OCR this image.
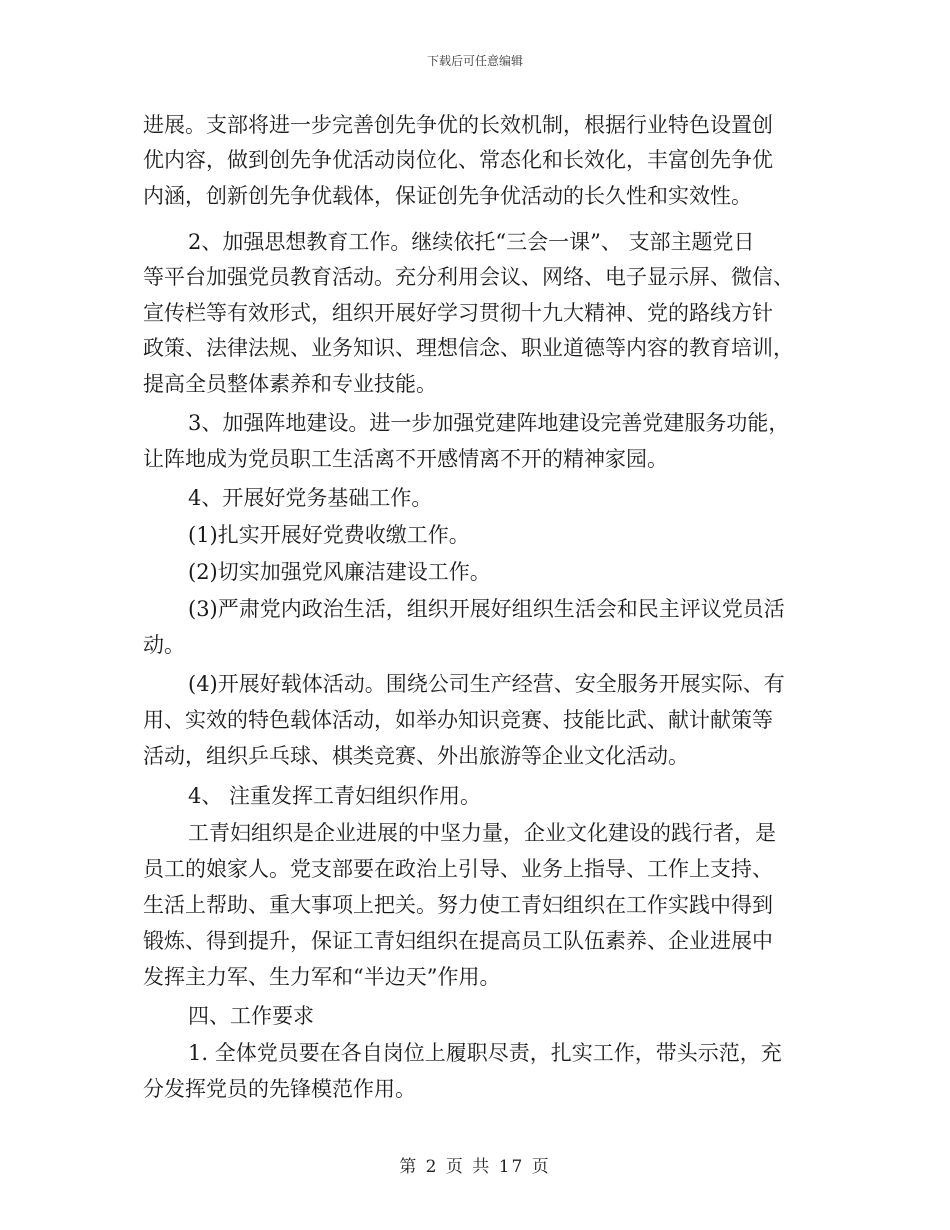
下载后可任意编辑
进展。支部将进一步完善创先争优的长效机制，根据行业特色设置创
优内容，做到创先争优活动岗位化、常态化和长效化，丰富创先争优
内涵，创新创先争优载体，保证创先争优活动的长久性和实效性。
2、加强思想教育工作。继续依托“三会一课”、 支部主题党日
等平台加强党员教育活动。充分利用会议、网络、电子显示屏、微信、
宣传栏等有效形式，组织开展好学习贯彻十九大精神、党的路线方针
政策、法律法规、业务知识、理想信念、职业道德等内容的教育培训，
提高全员整体素养和专业技能。
3、加强阵地建设。进一步加强党建阵地建设完善党建服务功能，
让阵地成为党员职工生活离不开感情离不开的精神家园。
4、开展好党务基础工作。
(1)扎实开展好党费收缴工作。
(2)切实加强党风廉洁建设工作。
(3)严肃党内政治生活，组织开展好组织生活会和民主评议党员活
动。
(4)开展好载体活动。围绕公司生产经营、安全服务开展实际、有
用、实效的特色载体活动，如举办知识竞赛、技能比武、献计献策等
活动，组织乒乓球、棋类竞赛、外出旅游等企业文化活动。
4、 注重发挥工青妇组织作用。
工青妇组织是企业进展的中坚力量，企业文化建设的践行者，是
员工的娘家人。党支部要在政治上引导、业务上指导、工作上支持、
生活上帮助、重大事项上把关。努力使工青妇组织在工作实践中得到
锻炼、得到提升，保证工青妇组织在提高员工队伍素养、企业进展中
发挥主力军、生力军和“半边天”作用。
四、工作要求
1. 全体党员要在各自岗位上履职尽责，扎实工作，带头示范，充
分发挥党员的先锋模范作用。
第 2 页 共 17 页
